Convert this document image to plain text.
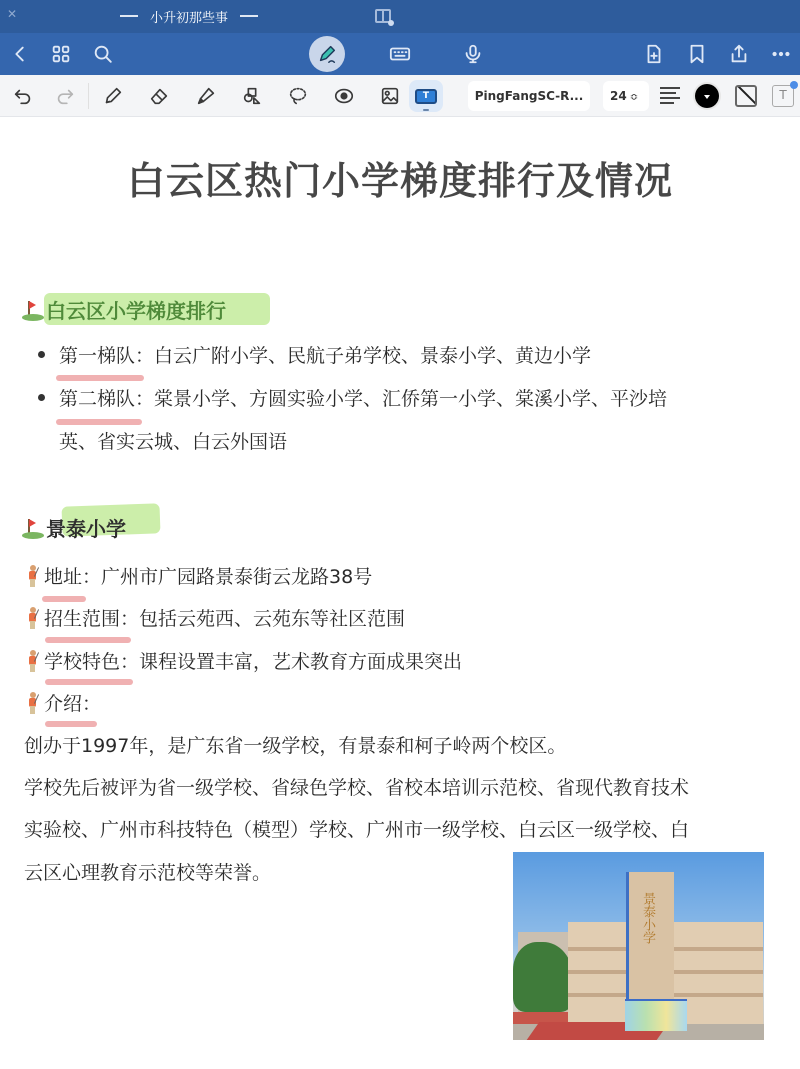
✕	小升初那些事
T	PingFangSC-R...	24 ≎	T
白云区热门小学梯度排行及情况
白云区小学梯度排行
第一梯队：白云广附小学、民航子弟学校、景泰小学、黄边小学
第二梯队：棠景小学、方圆实验小学、汇侨第一小学、棠溪小学、平沙培
英、省实云城、白云外国语
景泰小学
地址 ： 广州市广园路景泰街云龙路38号
招生范围 ： 包括云苑西、云苑东等社区范围
学校特色 ： 课程设置丰富，艺术教育方面成果突出
介绍 ：
创办于1997年，是广东省一级学校，有景泰和柯子岭两个校区。
学校先后被评为省一级学校、省绿色学校、省校本培训示范校、省现代教育技术
实验校、广州市科技特色（模型）学校、广州市一级学校、白云区一级学校、白
云区心理教育示范校等荣誉。
景泰小学
